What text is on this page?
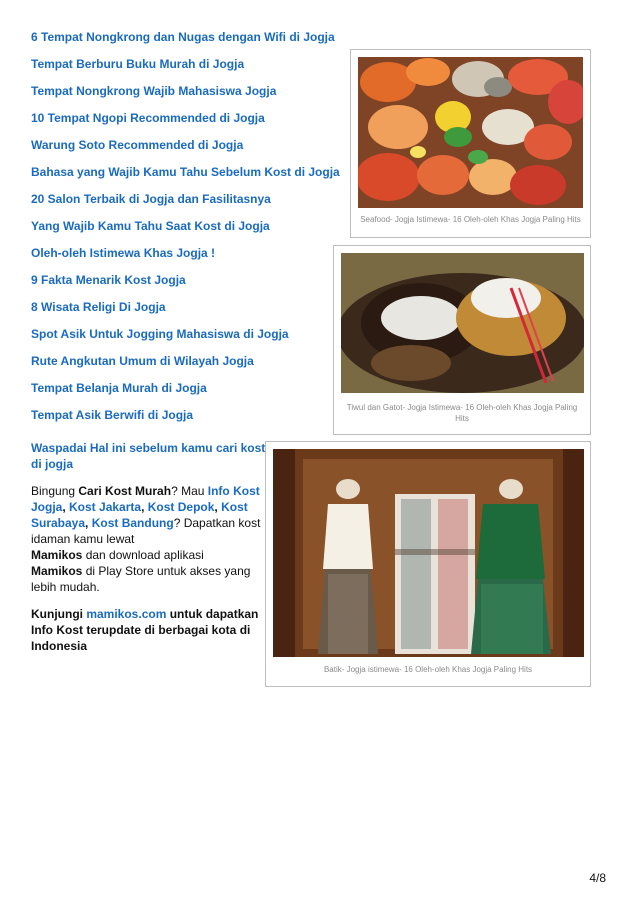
6 Tempat Nongkrong dan Nugas dengan Wifi di Jogja
Tempat Berburu Buku Murah di Jogja
Tempat Nongkrong Wajib Mahasiswa Jogja
10 Tempat Ngopi Recommended di Jogja
Warung Soto Recommended di Jogja
Bahasa yang Wajib Kamu Tahu Sebelum Kost di Jogja
20 Salon Terbaik di Jogja dan Fasilitasnya
Yang Wajib Kamu Tahu Saat Kost di Jogja
Oleh-oleh Istimewa Khas Jogja !
9 Fakta Menarik Kost Jogja
8 Wisata Religi Di Jogja
Spot Asik Untuk Jogging Mahasiswa di Jogja
Rute Angkutan Umum di Wilayah Jogja
Tempat Belanja Murah di Jogja
Tempat Asik Berwifi di Jogja
Waspadai Hal ini sebelum kamu cari kost di jogja
Bingung Cari Kost Murah? Mau Info Kost Jogja, Kost Jakarta, Kost Depok, Kost Surabaya, Kost Bandung? Dapatkan kost idaman kamu lewat
Mamikos dan download aplikasi
Mamikos di Play Store untuk akses yang lebih mudah.
Kunjungi mamikos.com untuk dapatkan Info Kost terupdate di berbagai kota di Indonesia
Seafood- Jogja Istimewa- 16 Oleh-oleh Khas Jogja Paling Hits
Tiwul dan Gatot- Jogja Istimewa- 16 Oleh-oleh Khas Jogja Paling Hits
Batik- Jogja istimewa- 16 Oleh-oleh Khas Jogja Paling Hits
4/8
